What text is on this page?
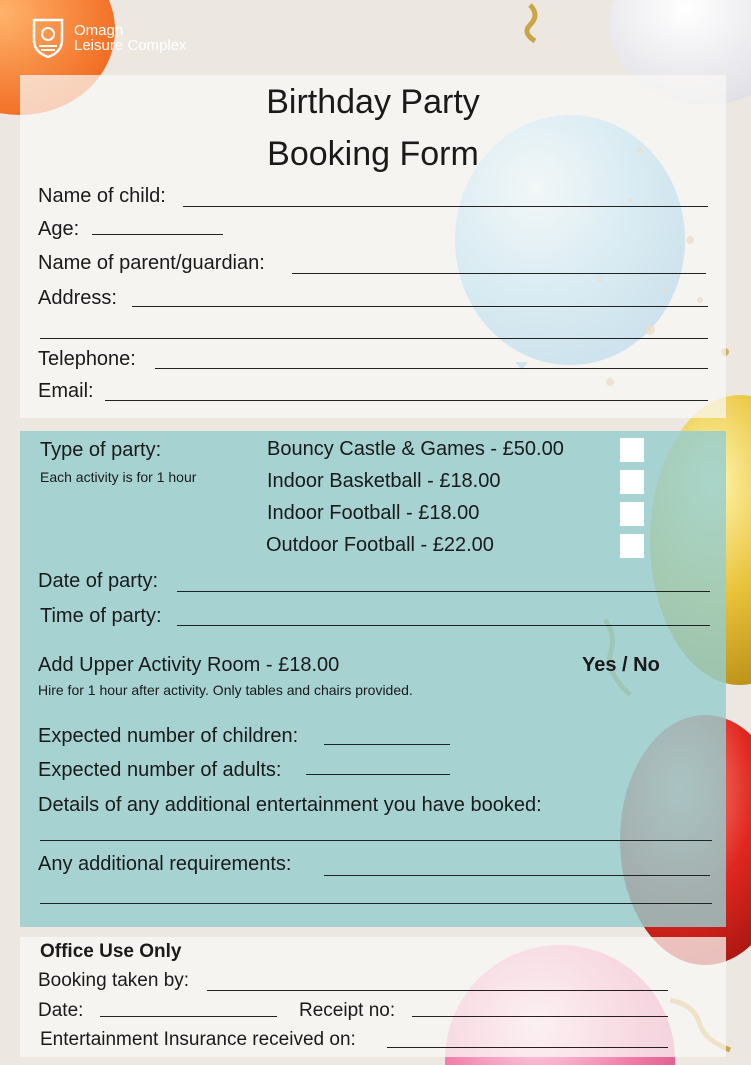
Omagh
Leisure Complex
Birthday Party
Booking Form
Name of child:
Age:
Name of parent/guardian:
Address:
Telephone:
Email:
Type of party:
Each activity is for 1 hour
Bouncy Castle & Games - £50.00
Indoor Basketball - £18.00
Indoor Football - £18.00
Outdoor Football - £22.00
Date of party:
Time of party:
Add Upper Activity Room - £18.00	Yes / No
Hire for 1 hour after activity. Only tables and chairs provided.
Expected number of children:
Expected number of adults:
Details of any additional entertainment you have booked:
Any additional requirements:
Office Use Only
Booking taken by:
Date:	Receipt no:
Entertainment Insurance received on:
